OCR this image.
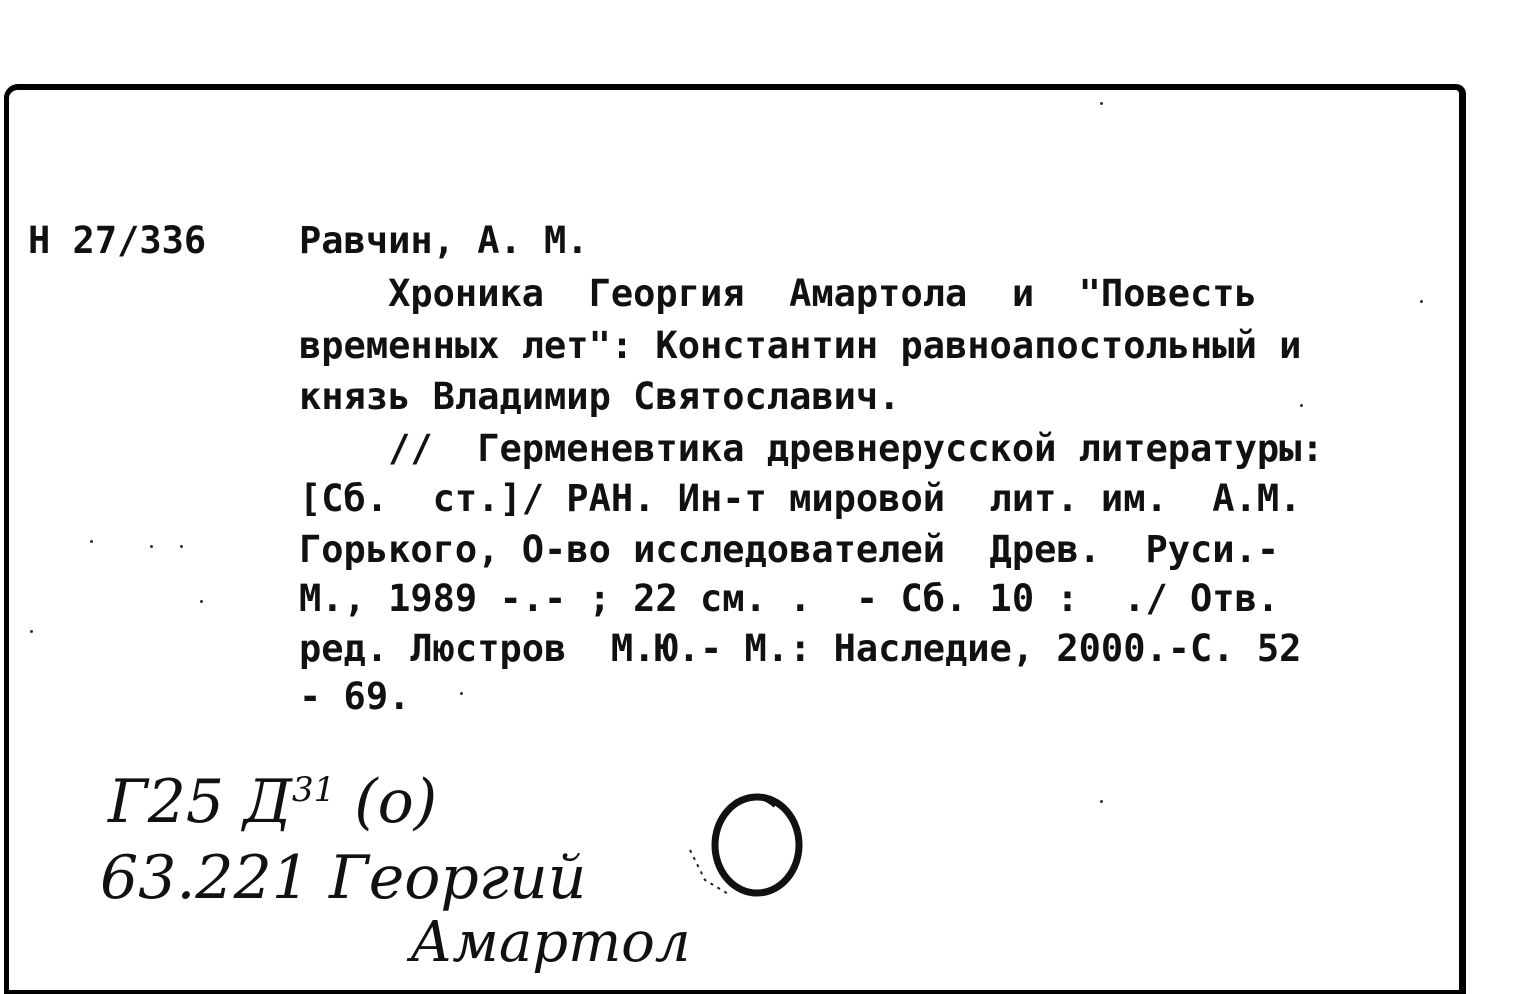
Н 27/336	Равчин, А. М.
Хроника  Георгия  Амартола  и  "Повесть
временных лет": Константин равноапостольный и
князь Владимир Святославич.
//  Герменевтика древнерусской литературы:
[Сб.  ст.]/ РАН. Ин-т мировой  лит. им.  А.М.
Горького, О-во исследователей  Древ.  Руси.-
М., 1989 -.- ; 22 см. .  - Сб. 10 :  ./ Отв.
ред. Люстров  М.Ю.- М.: Наследие, 2000.-С. 52
- 69.
Г25 $Д^{31}$ (о)
63.221 Георгий
Амартол
